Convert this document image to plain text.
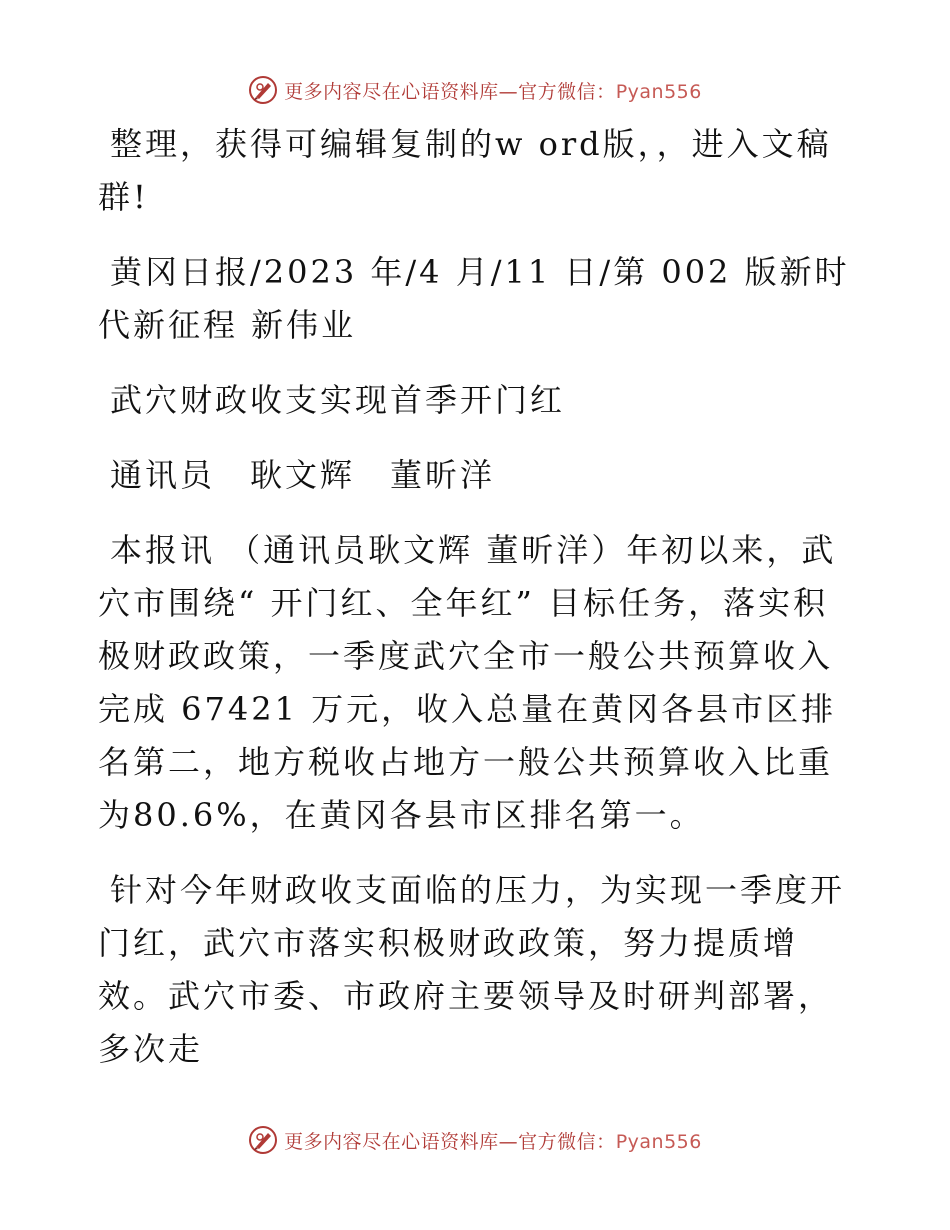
更多内容尽在心语资料库—官方微信：Pyan556

整理，获得可编辑复制的w ord版，，进入文稿群!

黄冈日报/2023 年/4 月/11 日/第 002 版新时代新征程 新伟业

武穴财政收支实现首季开门红

通讯员　耿文辉　董昕洋

本报讯 （通讯员耿文辉 董昕洋）年初以来，武穴市围绕“ 开门红、全年红” 目标任务，落实积极财政政策，一季度武穴全市一般公共预算收入完成 67421 万元，收入总量在黄冈各县市区排名第二，地方税收占地方一般公共预算收入比重为80.6%，在黄冈各县市区排名第一。

针对今年财政收支面临的压力，为实现一季度开门红，武穴市落实积极财政政策，努力提质增效。武穴市委、市政府主要领导及时研判部署，多次走

更多内容尽在心语资料库—官方微信：Pyan556
